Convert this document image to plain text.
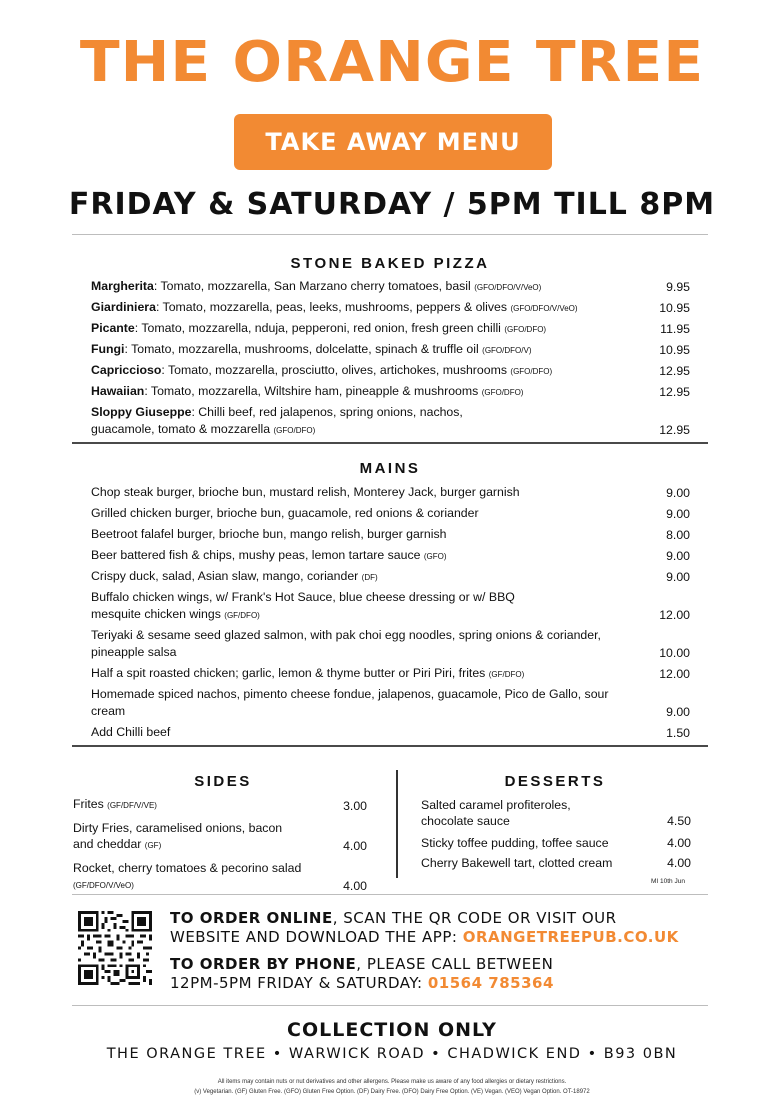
THE ORANGE TREE
TAKE AWAY MENU
FRIDAY & SATURDAY / 5PM TILL 8PM
STONE BAKED PIZZA
Margherita: Tomato, mozzarella, San Marzano cherry tomatoes, basil (GFO/DFO/V/VeO)	9.95
Giardiniera: Tomato, mozzarella, peas, leeks, mushrooms, peppers & olives (GFO/DFO/V/VeO)	10.95
Picante: Tomato, mozzarella, nduja, pepperoni, red onion, fresh green chilli (GFO/DFO)	11.95
Fungi: Tomato, mozzarella, mushrooms, dolcelatte, spinach & truffle oil (GFO/DFO/V)	10.95
Capriccioso: Tomato, mozzarella, prosciutto, olives, artichokes, mushrooms (GFO/DFO)	12.95
Hawaiian: Tomato, mozzarella, Wiltshire ham, pineapple & mushrooms (GFO/DFO)	12.95
Sloppy Giuseppe: Chilli beef, red jalapenos, spring onions, nachos, guacamole, tomato & mozzarella (GFO/DFO)	12.95
MAINS
Chop steak burger, brioche bun, mustard relish, Monterey Jack, burger garnish	9.00
Grilled chicken burger, brioche bun, guacamole, red onions & coriander	9.00
Beetroot falafel burger, brioche bun, mango relish, burger garnish	8.00
Beer battered fish & chips, mushy peas, lemon tartare sauce (GFO)	9.00
Crispy duck, salad, Asian slaw, mango, coriander (DF)	9.00
Buffalo chicken wings, w/ Frank's Hot Sauce, blue cheese dressing or w/ BBQ mesquite chicken wings (GF/DFO)	12.00
Teriyaki & sesame seed glazed salmon, with pak choi egg noodles, spring onions & coriander, pineapple salsa	10.00
Half a spit roasted chicken; garlic, lemon & thyme butter or Piri Piri, frites (GF/DFO)	12.00
Homemade spiced nachos, pimento cheese fondue, jalapenos, guacamole, Pico de Gallo, sour cream	9.00
Add Chilli beef	1.50
SIDES
Frites (GF/DF/V/VE)	3.00
Dirty Fries, caramelised onions, bacon and cheddar (GF)	4.00
Rocket, cherry tomatoes & pecorino salad (GF/DFO/V/VeO)	4.00
DESSERTS
Salted caramel profiteroles, chocolate sauce	4.50
Sticky toffee pudding, toffee sauce	4.00
Cherry Bakewell tart, clotted cream	4.00
MI 10th Jun
TO ORDER ONLINE, SCAN THE QR CODE OR VISIT OUR
WEBSITE AND DOWNLOAD THE APP: ORANGETREEPUB.CO.UK
TO ORDER BY PHONE, PLEASE CALL BETWEEN
12PM-5PM FRIDAY & SATURDAY: 01564 785364
COLLECTION ONLY
THE ORANGE TREE • WARWICK ROAD • CHADWICK END • B93 0BN
All items may contain nuts or nut derivatives and other allergens. Please make us aware of any food allergies or dietary restrictions.
(v) Vegetarian. (GF) Gluten Free. (GFO) Gluten Free Option. (DF) Dairy Free. (DFO) Dairy Free Option. (VE) Vegan. (VEO) Vegan Option. OT-18972
